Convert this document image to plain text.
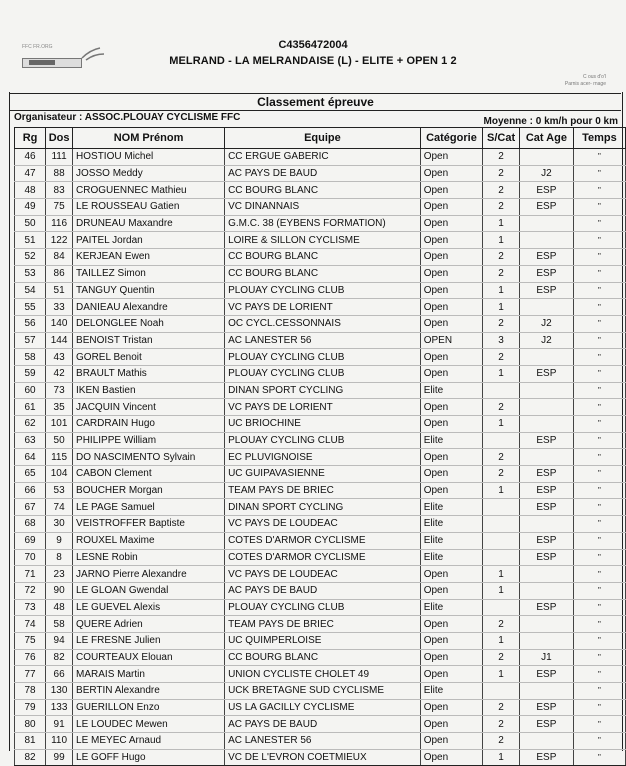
FFC FR.ORG	C4356472004
MELRAND - LA MELRANDAISE (L) - ELITE + OPEN 1 2
C ous d'o'l
Parnis acer- rnage
Classement épreuve
Organisateur : ASSOC.PLOUAY CYCLISME FFC	Moyenne : 0 km/h pour 0 km
Rg	Dos	NOM Prénom	Equipe	Catégorie	S/Cat	Cat Age	Temps
46	111	HOSTIOU Michel	CC ERGUE GABERIC	Open	2		"
47	88	JOSSO Meddy	AC PAYS DE BAUD	Open	2	J2	"
48	83	CROGUENNEC Mathieu	CC BOURG BLANC	Open	2	ESP	"
49	75	LE ROUSSEAU Gatien	VC DINANNAIS	Open	2	ESP	"
50	116	DRUNEAU Maxandre	G.M.C. 38 (EYBENS FORMATION)	Open	1		"
51	122	PAITEL Jordan	LOIRE & SILLON CYCLISME	Open	1		"
52	84	KERJEAN Ewen	CC BOURG BLANC	Open	2	ESP	"
53	86	TAILLEZ Simon	CC BOURG BLANC	Open	2	ESP	"
54	51	TANGUY Quentin	PLOUAY CYCLING CLUB	Open	1	ESP	"
55	33	DANIEAU Alexandre	VC PAYS DE LORIENT	Open	1		"
56	140	DELONGLEE Noah	OC CYCL.CESSONNAIS	Open	2	J2	"
57	144	BENOIST Tristan	AC LANESTER 56	OPEN	3	J2	"
58	43	GOREL Benoit	PLOUAY CYCLING CLUB	Open	2		"
59	42	BRAULT Mathis	PLOUAY CYCLING CLUB	Open	1	ESP	"
60	73	IKEN Bastien	DINAN SPORT CYCLING	Elite			"
61	35	JACQUIN Vincent	VC PAYS DE LORIENT	Open	2		"
62	101	CARDRAIN Hugo	UC BRIOCHINE	Open	1		"
63	50	PHILIPPE William	PLOUAY CYCLING CLUB	Elite		ESP	"
64	115	DO NASCIMENTO Sylvain	EC PLUVIGNOISE	Open	2		"
65	104	CABON Clement	UC GUIPAVASIENNE	Open	2	ESP	"
66	53	BOUCHER Morgan	TEAM PAYS DE BRIEC	Open	1	ESP	"
67	74	LE PAGE Samuel	DINAN SPORT CYCLING	Elite		ESP	"
68	30	VEISTROFFER Baptiste	VC PAYS DE LOUDEAC	Elite			"
69	9	ROUXEL Maxime	COTES D'ARMOR CYCLISME	Elite		ESP	"
70	8	LESNE Robin	COTES D'ARMOR CYCLISME	Elite		ESP	"
71	23	JARNO Pierre Alexandre	VC PAYS DE LOUDEAC	Open	1		"
72	90	LE GLOAN Gwendal	AC PAYS DE BAUD	Open	1		"
73	48	LE GUEVEL Alexis	PLOUAY CYCLING CLUB	Elite		ESP	"
74	58	QUERE Adrien	TEAM PAYS DE BRIEC	Open	2		"
75	94	LE FRESNE Julien	UC QUIMPERLOISE	Open	1		"
76	82	COURTEAUX Elouan	CC BOURG BLANC	Open	2	J1	"
77	66	MARAIS Martin	UNION CYCLISTE CHOLET 49	Open	1	ESP	"
78	130	BERTIN Alexandre	UCK BRETAGNE SUD CYCLISME	Elite			"
79	133	GUERILLON Enzo	US LA GACILLY CYCLISME	Open	2	ESP	"
80	91	LE LOUDEC Mewen	AC PAYS DE BAUD	Open	2	ESP	"
81	110	LE MEYEC Arnaud	AC LANESTER 56	Open	2		"
82	99	LE GOFF Hugo	VC DE L'EVRON COETMIEUX	Open	1	ESP	"
